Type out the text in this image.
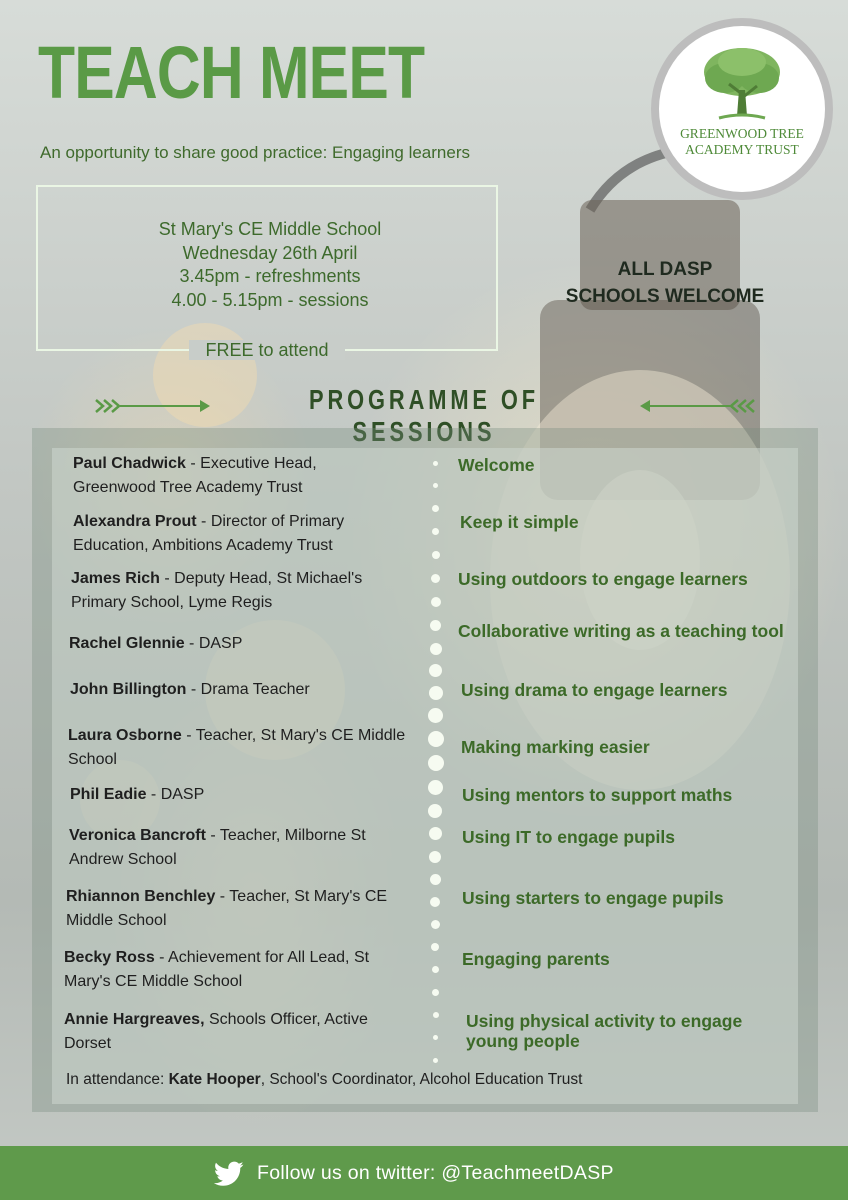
TEACH MEET
An opportunity to share good practice: Engaging learners
GREENWOOD TREE
ACADEMY TRUST
St Mary's CE Middle School
Wednesday 26th April
3.45pm - refreshments
4.00 - 5.15pm - sessions
FREE to attend
ALL DASP
SCHOOLS WELCOME
PROGRAMME OF SESSIONS
Paul Chadwick - Executive Head, Greenwood Tree Academy Trust
Alexandra Prout - Director of Primary Education, Ambitions Academy Trust
James Rich - Deputy Head, St Michael's Primary School, Lyme Regis
Rachel Glennie - DASP
John Billington - Drama Teacher
Laura Osborne - Teacher, St Mary's CE Middle School
Phil Eadie - DASP
Veronica Bancroft - Teacher, Milborne St Andrew School
Rhiannon Benchley - Teacher, St Mary's CE Middle School
Becky Ross - Achievement for All Lead, St Mary's CE Middle School
Annie Hargreaves, Schools Officer, Active Dorset
Welcome
Keep it simple
Using outdoors to engage learners
Collaborative writing as a teaching tool
Using drama to engage learners
Making marking easier
Using mentors to support maths
Using IT to engage pupils
Using starters to engage pupils
Engaging parents
Using physical activity to engage young people
In attendance: Kate Hooper, School's Coordinator, Alcohol Education Trust
Follow us on twitter: @TeachmeetDASP
